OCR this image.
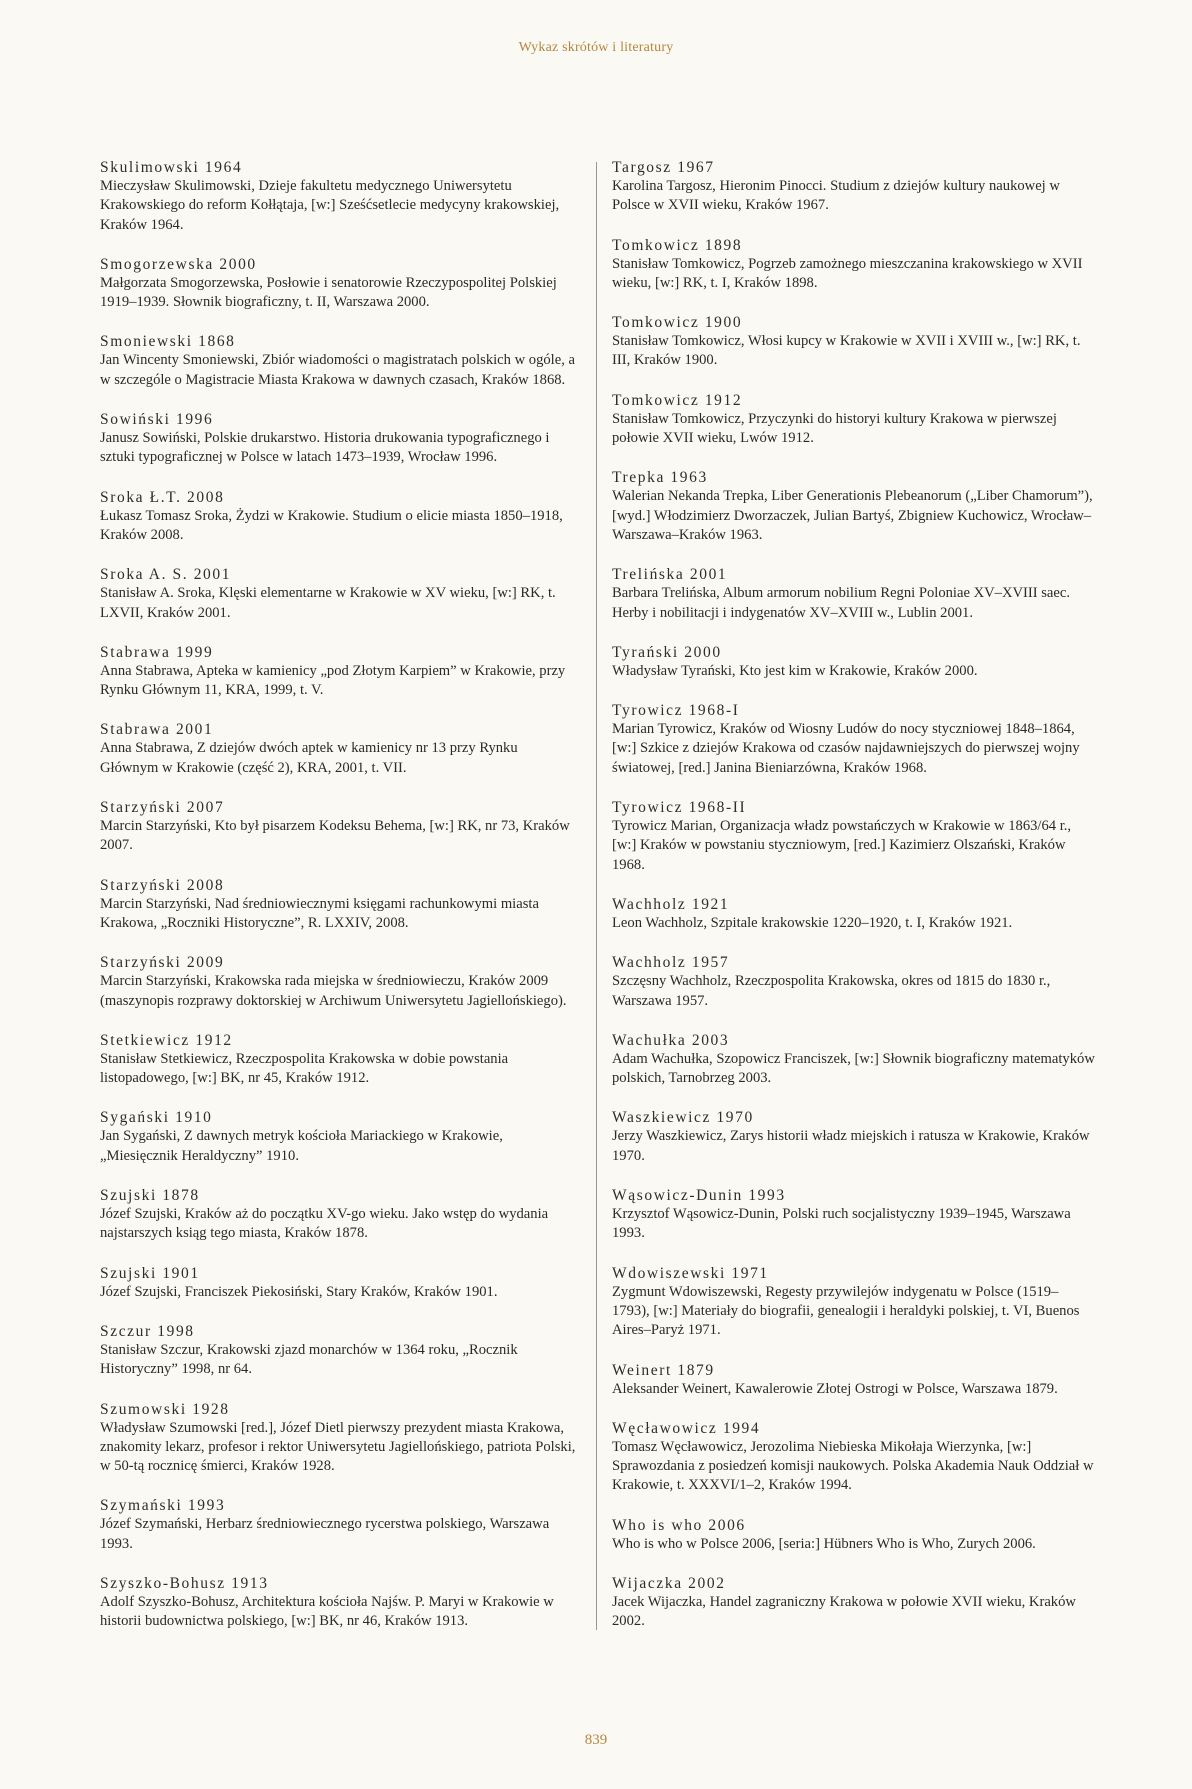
Wykaz skrótów i literatury
Skulimowski 1964
Mieczysław Skulimowski, Dzieje fakultetu medycznego Uniwersytetu Krakowskiego do reform Kołłątaja, [w:] Sześćsetlecie medycyny krakowskiej, Kraków 1964.
Smogorzewska 2000
Małgorzata Smogorzewska, Posłowie i senatorowie Rzeczypospolitej Polskiej 1919–1939. Słownik biograficzny, t. II, Warszawa 2000.
Smoniewski 1868
Jan Wincenty Smoniewski, Zbiór wiadomości o magistratach polskich w ogóle, a w szczególe o Magistracie Miasta Krakowa w dawnych czasach, Kraków 1868.
Sowiński 1996
Janusz Sowiński, Polskie drukarstwo. Historia drukowania typograficznego i sztuki typograficznej w Polsce w latach 1473–1939, Wrocław 1996.
Sroka Ł.T. 2008
Łukasz Tomasz Sroka, Żydzi w Krakowie. Studium o elicie miasta 1850–1918, Kraków 2008.
Sroka A. S. 2001
Stanisław A. Sroka, Klęski elementarne w Krakowie w XV wieku, [w:] RK, t. LXVII, Kraków 2001.
Stabrawa 1999
Anna Stabrawa, Apteka w kamienicy „pod Złotym Karpiem” w Krakowie, przy Rynku Głównym 11, KRA, 1999, t. V.
Stabrawa 2001
Anna Stabrawa, Z dziejów dwóch aptek w kamienicy nr 13 przy Rynku Głównym w Krakowie (część 2), KRA, 2001, t. VII.
Starzyński 2007
Marcin Starzyński, Kto był pisarzem Kodeksu Behema, [w:] RK, nr 73, Kraków 2007.
Starzyński 2008
Marcin Starzyński, Nad średniowiecznymi księgami rachunkowymi miasta Krakowa, „Roczniki Historyczne”, R. LXXIV, 2008.
Starzyński 2009
Marcin Starzyński, Krakowska rada miejska w średniowieczu, Kraków 2009 (maszynopis rozprawy doktorskiej w Archiwum Uniwersytetu Jagiellońskiego).
Stetkiewicz 1912
Stanisław Stetkiewicz, Rzeczpospolita Krakowska w dobie powstania listopadowego, [w:] BK, nr 45, Kraków 1912.
Sygański 1910
Jan Sygański, Z dawnych metryk kościoła Mariackiego w Krakowie, „Miesięcznik Heraldyczny” 1910.
Szujski 1878
Józef Szujski, Kraków aż do początku XV-go wieku. Jako wstęp do wydania najstarszych ksiąg tego miasta, Kraków 1878.
Szujski 1901
Józef Szujski, Franciszek Piekosiński, Stary Kraków, Kraków 1901.
Szczur 1998
Stanisław Szczur, Krakowski zjazd monarchów w 1364 roku, „Rocznik Historyczny” 1998, nr 64.
Szumowski 1928
Władysław Szumowski [red.], Józef Dietl pierwszy prezydent miasta Krakowa, znakomity lekarz, profesor i rektor Uniwersytetu Jagiellońskiego, patriota Polski, w 50-tą rocznicę śmierci, Kraków 1928.
Szymański 1993
Józef Szymański, Herbarz średniowiecznego rycerstwa polskiego, Warszawa 1993.
Szyszko-Bohusz 1913
Adolf Szyszko-Bohusz, Architektura kościoła Najśw. P. Maryi w Krakowie w historii budownictwa polskiego, [w:] BK, nr 46, Kraków 1913.
Targosz 1967
Karolina Targosz, Hieronim Pinocci. Studium z dziejów kultury naukowej w Polsce w XVII wieku, Kraków 1967.
Tomkowicz 1898
Stanisław Tomkowicz, Pogrzeb zamożnego mieszczanina krakowskiego w XVII wieku, [w:] RK, t. I, Kraków 1898.
Tomkowicz 1900
Stanisław Tomkowicz, Włosi kupcy w Krakowie w XVII i XVIII w., [w:] RK, t. III, Kraków 1900.
Tomkowicz 1912
Stanisław Tomkowicz, Przyczynki do historyi kultury Krakowa w pierwszej połowie XVII wieku, Lwów 1912.
Trepka 1963
Walerian Nekanda Trepka, Liber Generationis Plebeanorum („Liber Chamorum”), [wyd.] Włodzimierz Dworzaczek, Julian Bartyś, Zbigniew Kuchowicz, Wrocław–Warszawa–Kraków 1963.
Trelińska 2001
Barbara Trelińska, Album armorum nobilium Regni Poloniae XV–XVIII saec. Herby i nobilitacji i indygenatów XV–XVIII w., Lublin 2001.
Tyrański 2000
Władysław Tyrański, Kto jest kim w Krakowie, Kraków 2000.
Tyrowicz 1968-I
Marian Tyrowicz, Kraków od Wiosny Ludów do nocy styczniowej 1848–1864, [w:] Szkice z dziejów Krakowa od czasów najdawniejszych do pierwszej wojny światowej, [red.] Janina Bieniarzówna, Kraków 1968.
Tyrowicz 1968-II
Tyrowicz Marian, Organizacja władz powstańczych w Krakowie w 1863/64 r., [w:] Kraków w powstaniu styczniowym, [red.] Kazimierz Olszański, Kraków 1968.
Wachholz 1921
Leon Wachholz, Szpitale krakowskie 1220–1920, t. I, Kraków 1921.
Wachholz 1957
Szczęsny Wachholz, Rzeczpospolita Krakowska, okres od 1815 do 1830 r., Warszawa 1957.
Wachułka 2003
Adam Wachułka, Szopowicz Franciszek, [w:] Słownik biograficzny matematyków polskich, Tarnobrzeg 2003.
Waszkiewicz 1970
Jerzy Waszkiewicz, Zarys historii władz miejskich i ratusza w Krakowie, Kraków 1970.
Wąsowicz-Dunin 1993
Krzysztof Wąsowicz-Dunin, Polski ruch socjalistyczny 1939–1945, Warszawa 1993.
Wdowiszewski 1971
Zygmunt Wdowiszewski, Regesty przywilejów indygenatu w Polsce (1519–1793), [w:] Materiały do biografii, genealogii i heraldyki polskiej, t. VI, Buenos Aires–Paryż 1971.
Weinert 1879
Aleksander Weinert, Kawalerowie Złotej Ostrogi w Polsce, Warszawa 1879.
Węcławowicz 1994
Tomasz Węcławowicz, Jerozolima Niebieska Mikołaja Wierzynka, [w:] Sprawozdania z posiedzeń komisji naukowych. Polska Akademia Nauk Oddział w Krakowie, t. XXXVI/1–2, Kraków 1994.
Who is who 2006
Who is who w Polsce 2006, [seria:] Hübners Who is Who, Zurych 2006.
Wijaczka 2002
Jacek Wijaczka, Handel zagraniczny Krakowa w połowie XVII wieku, Kraków 2002.
839
